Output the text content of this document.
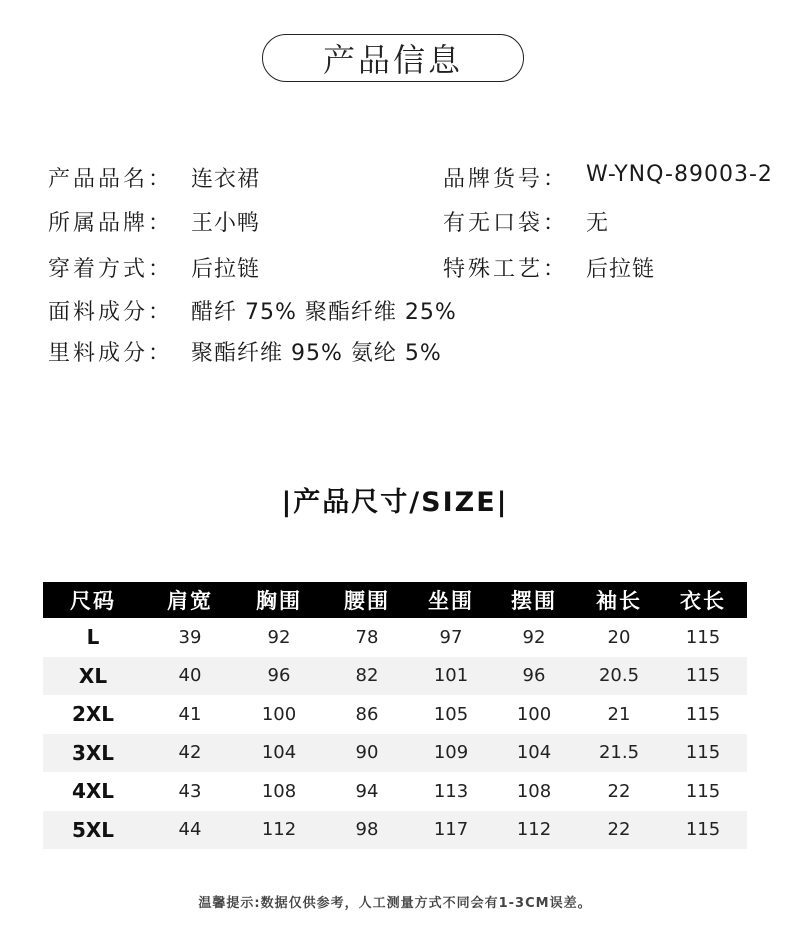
产品信息
产品品名： 连衣裙
所属品牌： 王小鸭
穿着方式： 后拉链
面料成分： 醋纤 75% 聚酯纤维 25%
里料成分： 聚酯纤维 95% 氨纶 5%
品牌货号： W-YNQ-89003-2
有无口袋： 无
特殊工艺： 后拉链
|产品尺寸/SIZE|
尺码	肩宽	胸围	腰围	坐围	摆围	袖长	衣长
L	39	92	78	97	92	20	115
XL	40	96	82	101	96	20.5	115
2XL	41	100	86	105	100	21	115
3XL	42	104	90	109	104	21.5	115
4XL	43	108	94	113	108	22	115
5XL	44	112	98	117	112	22	115
温馨提示:数据仅供参考，人工测量方式不同会有1-3CM误差。
